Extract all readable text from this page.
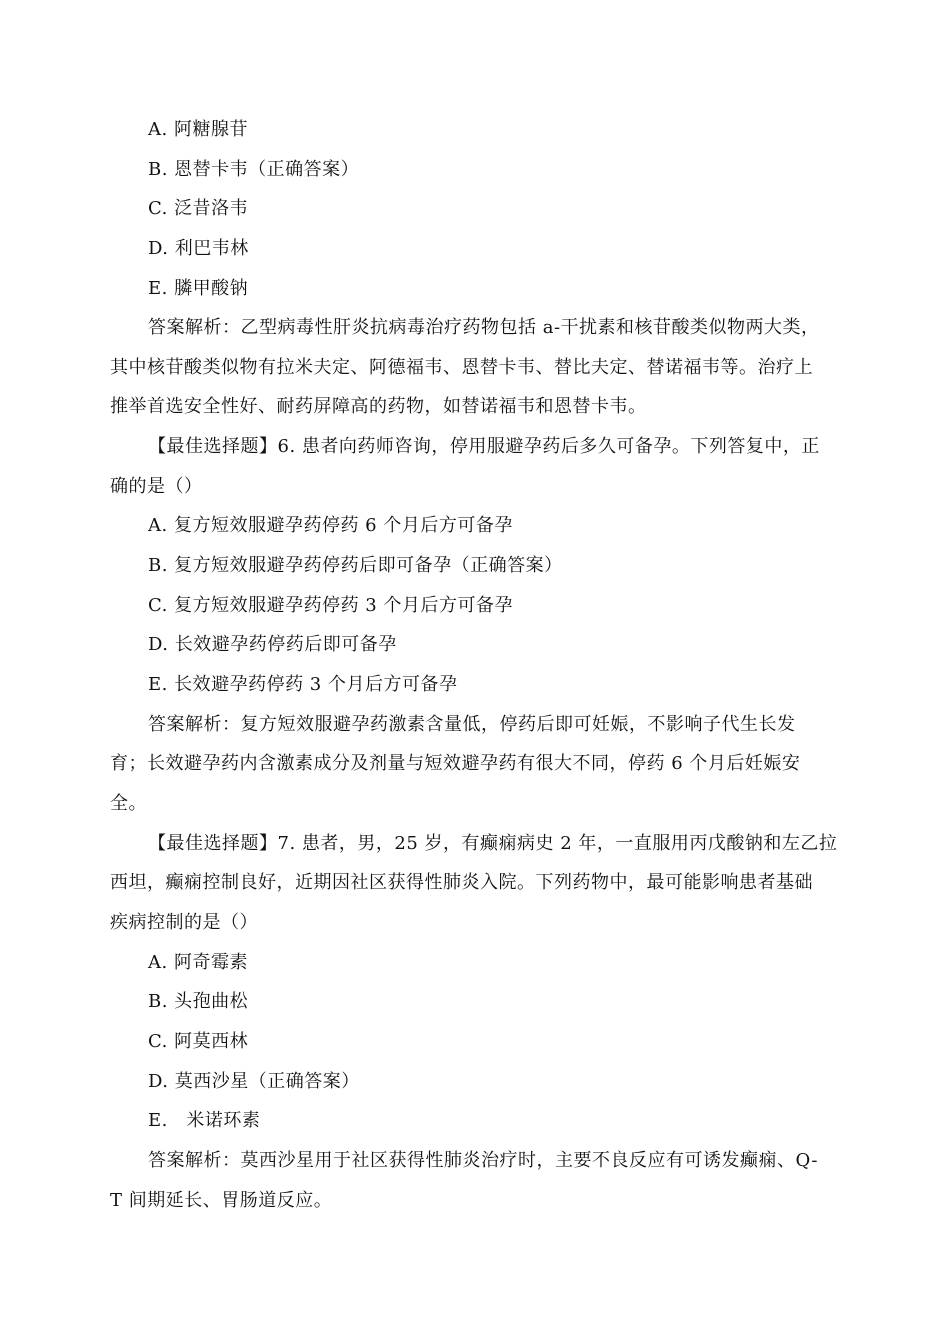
A. 阿糖腺苷
B. 恩替卡韦（正确答案）
C. 泛昔洛韦
D. 利巴韦林
E. 膦甲酸钠
答案解析：乙型病毒性肝炎抗病毒治疗药物包括 a-干扰素和核苷酸类似物两大类，
其中核苷酸类似物有拉米夫定、阿德福韦、恩替卡韦、替比夫定、替诺福韦等。治疗上
推举首选安全性好、耐药屏障高的药物，如替诺福韦和恩替卡韦。
【最佳选择题】6. 患者向药师咨询，停用服避孕药后多久可备孕。下列答复中，正
确的是（）
A. 复方短效服避孕药停药 6 个月后方可备孕
B. 复方短效服避孕药停药后即可备孕（正确答案）
C. 复方短效服避孕药停药 3 个月后方可备孕
D. 长效避孕药停药后即可备孕
E. 长效避孕药停药 3 个月后方可备孕
答案解析：复方短效服避孕药激素含量低，停药后即可妊娠，不影响子代生长发
育；长效避孕药内含激素成分及剂量与短效避孕药有很大不同，停药 6 个月后妊娠安
全。
【最佳选择题】7. 患者，男，25 岁，有癫痫病史 2 年，一直服用丙戊酸钠和左乙拉
西坦，癫痫控制良好，近期因社区获得性肺炎入院。下列药物中，最可能影响患者基础
疾病控制的是（）
A. 阿奇霉素
B. 头孢曲松
C. 阿莫西林
D. 莫西沙星（正确答案）
E.　米诺环素
答案解析：莫西沙星用于社区获得性肺炎治疗时，主要不良反应有可诱发癫痫、Q-
T 间期延长、胃肠道反应。
